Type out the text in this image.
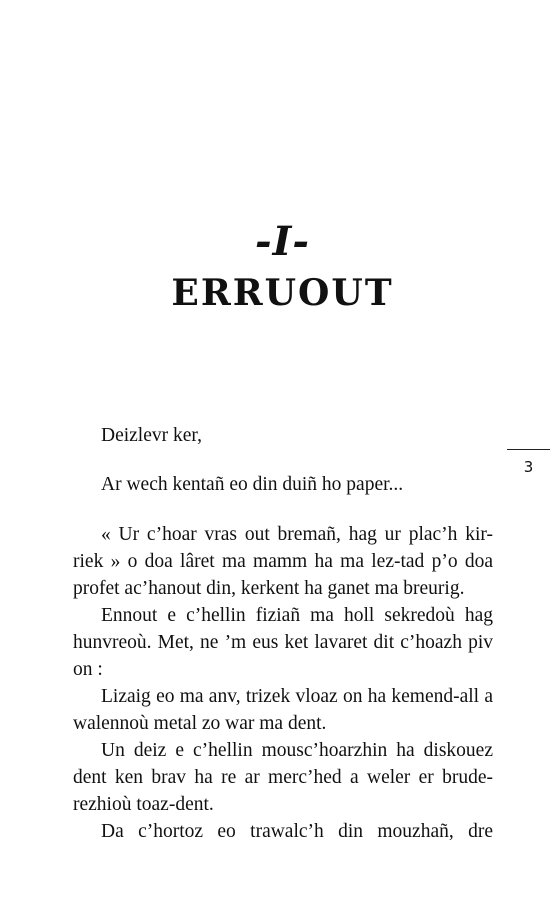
-I-
ERRUOUT
3

Deizlevr ker,

Ar wech kentañ eo din duiñ ho paper...

« Ur c’hoar vras out bremañ, hag ur plac’h kir-riek » o doa lâret ma mamm ha ma lez-tad p’o doa profet ac’hanout din, kerkent ha ganet ma breurig.

Ennout e c’hellin fiziañ ma holl sekredoù hag hunvreoù. Met, ne ’m eus ket lavaret dit c’hoazh piv on :

Lizaig eo ma anv, trizek vloaz on ha kemend-all a walennoù metal zo war ma dent.

Un deiz e c’hellin mousc’hoarzhin ha diskouez dent ken brav ha re ar merc’hed a weler er brude-rezhioù toaz-dent.

Da c’hortoz eo trawalc’h din mouzhañ, dre
